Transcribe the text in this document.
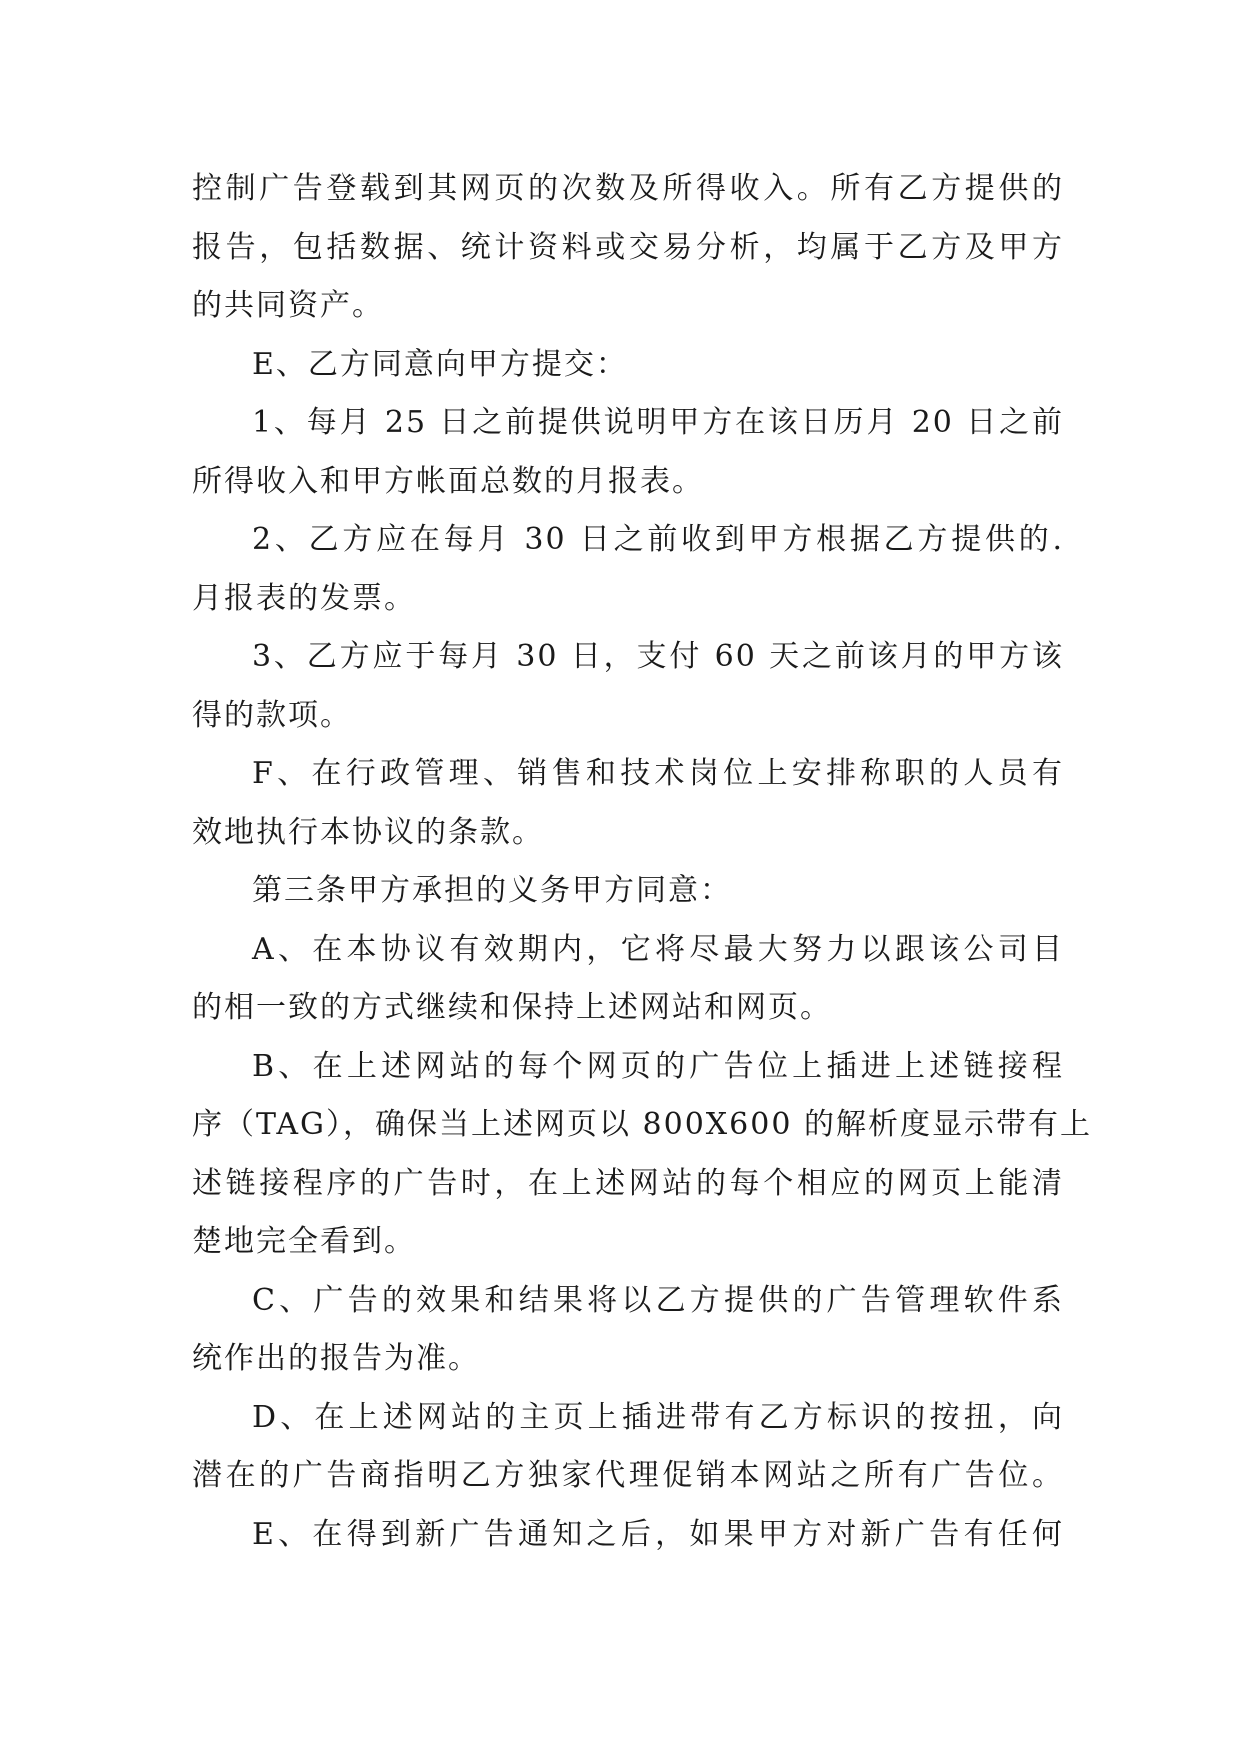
控制广告登载到其网页的次数及所得收入。所有乙方提供的
报告，包括数据、统计资料或交易分析，均属于乙方及甲方
的共同资产。
E、乙方同意向甲方提交：
1、每月 25 日之前提供说明甲方在该日历月 20 日之前
所得收入和甲方帐面总数的月报表。
2、乙方应在每月 30 日之前收到甲方根据乙方提供的.
月报表的发票。
3、乙方应于每月 30 日，支付 60 天之前该月的甲方该
得的款项。
F、在行政管理、销售和技术岗位上安排称职的人员有
效地执行本协议的条款。
第三条甲方承担的义务甲方同意：
A、在本协议有效期内，它将尽最大努力以跟该公司目
的相一致的方式继续和保持上述网站和网页。
B、在上述网站的每个网页的广告位上插进上述链接程
序（TAG），确保当上述网页以 800X600 的解析度显示带有上
述链接程序的广告时，在上述网站的每个相应的网页上能清
楚地完全看到。
C、广告的效果和结果将以乙方提供的广告管理软件系
统作出的报告为准。
D、在上述网站的主页上插进带有乙方标识的按扭，向
潜在的广告商指明乙方独家代理促销本网站之所有广告位。
E、在得到新广告通知之后，如果甲方对新广告有任何
